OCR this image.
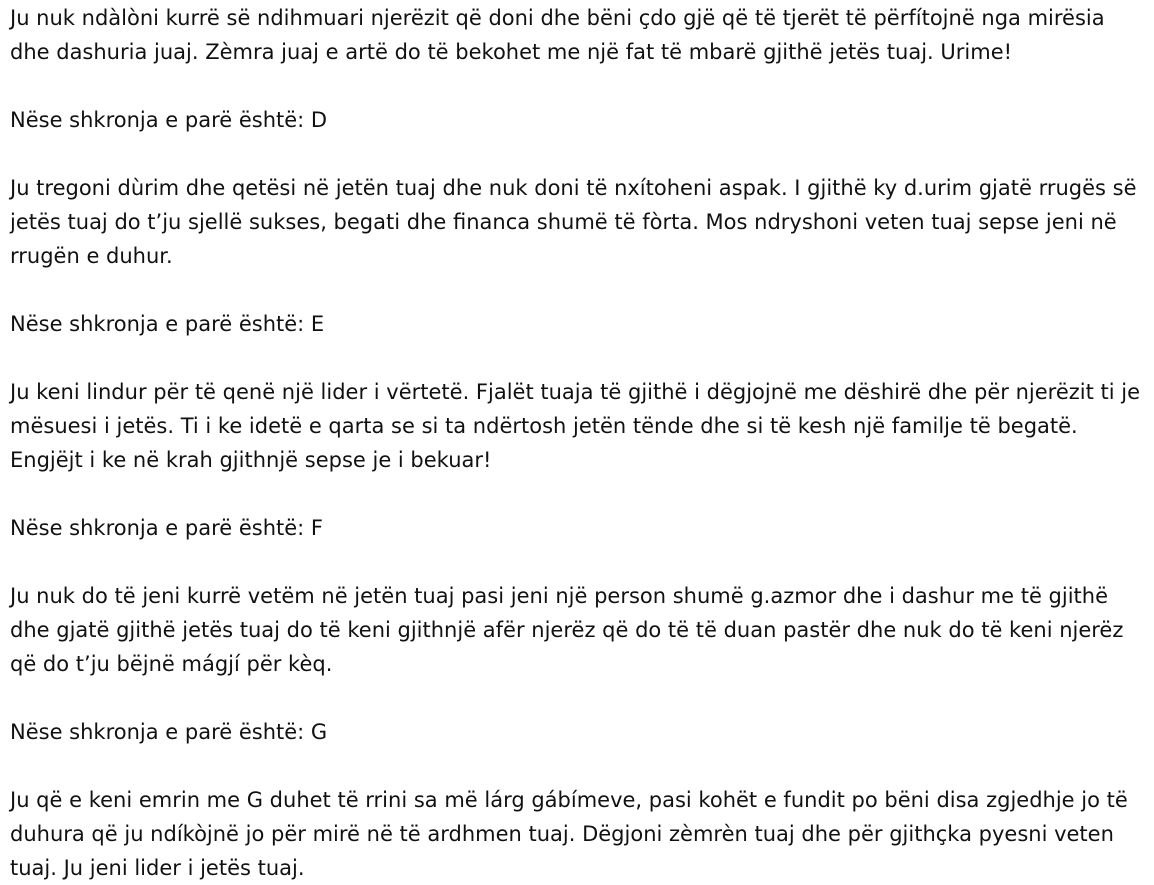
Ju nuk ndàlòni kurrë së ndihmuari njerëzit që doni dhe bëni çdo gjë që të tjerët të përfítojnë nga mirësia dhe dashuria juaj. Zèmra juaj e artë do të bekohet me një fat të mbarë gjithë jetës tuaj. Urime!

Nëse shkronja e parë është: D

Ju tregoni dùrim dhe qetësi në jetën tuaj dhe nuk doni të nxítoheni aspak. I gjithë ky d.urim gjatë rrugës së jetës tuaj do t’ju sjellë sukses, begati dhe financa shumë të fòrta. Mos ndryshoni veten tuaj sepse jeni në rrugën e duhur.

Nëse shkronja e parë është: E

Ju keni lindur për të qenë një lider i vërtetë. Fjalët tuaja të gjithë i dëgjojnë me dëshirë dhe për njerëzit ti je mësuesi i jetës. Ti i ke idetë e qarta se si ta ndërtosh jetën tënde dhe si të kesh një familje të begatë. Engjëjt i ke në krah gjithnjë sepse je i bekuar!

Nëse shkronja e parë është: F

Ju nuk do të jeni kurrë vetëm në jetën tuaj pasi jeni një person shumë g.azmor dhe i dashur me të gjithë dhe gjatë gjithë jetës tuaj do të keni gjithnjë afër njerëz që do të të duan pastër dhe nuk do të keni njerëz që do t’ju bëjnë mágjí për kèq.

Nëse shkronja e parë është: G

Ju që e keni emrin me G duhet të rrini sa më lárg gábímeve, pasi kohët e fundit po bëni disa zgjedhje jo të duhura që ju ndíkòjnë jo për mirë në të ardhmen tuaj. Dëgjoni zèmrèn tuaj dhe për gjithçka pyesni veten tuaj. Ju jeni lider i jetës tuaj.
